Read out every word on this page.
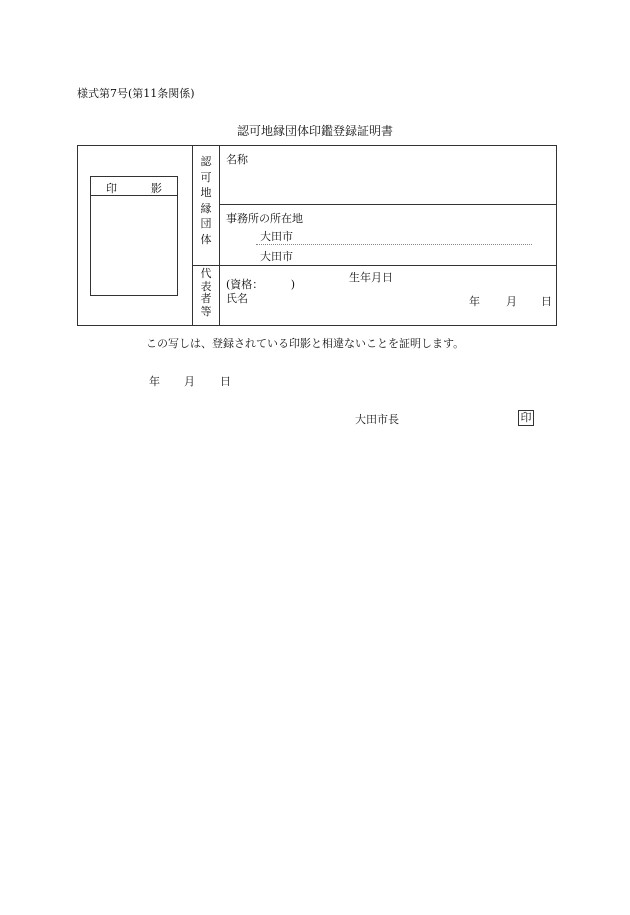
様式第7号(第11条関係)
認可地縁団体印鑑登録証明書
印	影
認
可
地
縁
団
体
代
表
者
等
名称
事務所の所在地
大田市
大田市
(資格：　　　)
氏名
生年月日
年 月 日
この写しは、登録されている印影と相違ないことを証明します。
年 月 日
大田市長	印
